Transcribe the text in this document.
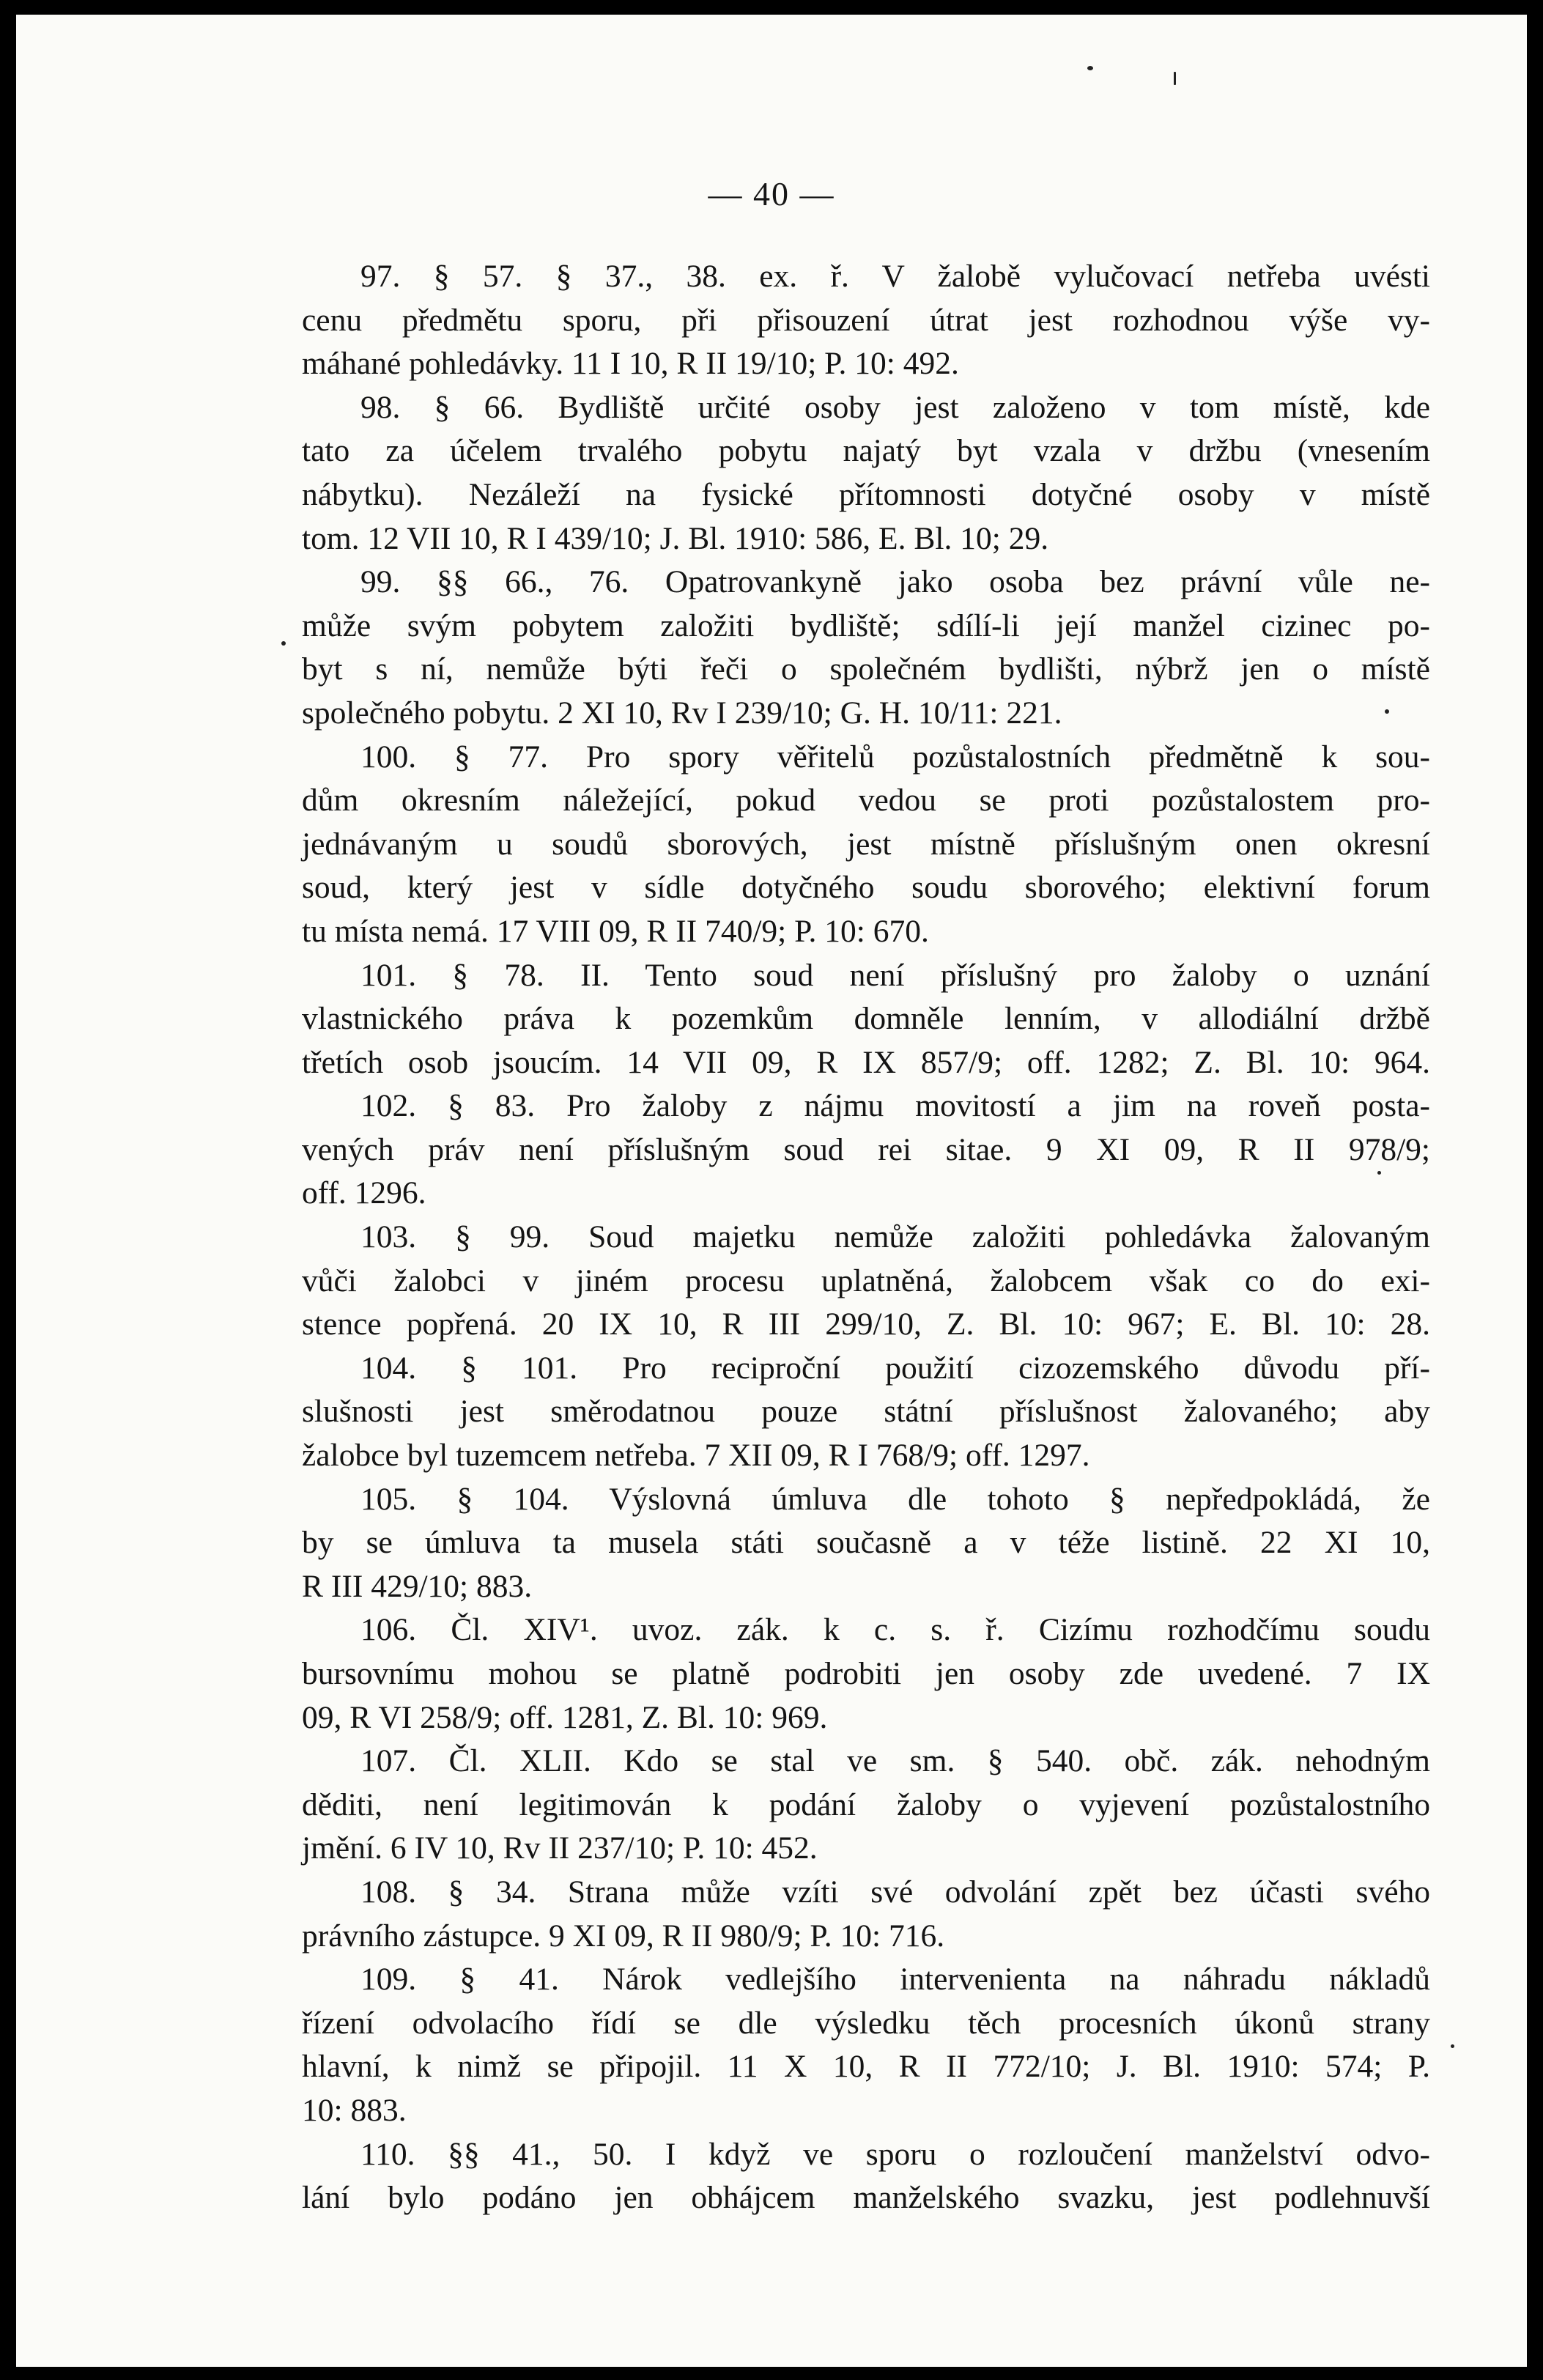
— 40 —
97. § 57. § 37., 38. ex. ř. V žalobě vylučovací netřeba uvésti
cenu předmětu sporu, při přisouzení útrat jest rozhodnou výše vy-
máhané pohledávky. 11 I 10, R II 19/10; P. 10: 492.
98. § 66. Bydliště určité osoby jest založeno v tom místě, kde
tato za účelem trvalého pobytu najatý byt vzala v držbu (vnesením
nábytku). Nezáleží na fysické přítomnosti dotyčné osoby v místě
tom. 12 VII 10, R I 439/10; J. Bl. 1910: 586, E. Bl. 10; 29.
99. §§ 66., 76. Opatrovankyně jako osoba bez právní vůle ne-
může svým pobytem založiti bydliště; sdílí-li její manžel cizinec po-
byt s ní, nemůže býti řeči o společném bydlišti, nýbrž jen o místě
společného pobytu. 2 XI 10, Rv I 239/10; G. H. 10/11: 221.
100. § 77. Pro spory věřitelů pozůstalostních předmětně k sou-
dům okresním náležející, pokud vedou se proti pozůstalostem pro-
jednávaným u soudů sborových, jest místně příslušným onen okresní
soud, který jest v sídle dotyčného soudu sborového; elektivní forum
tu místa nemá. 17 VIII 09, R II 740/9; P. 10: 670.
101. § 78. II. Tento soud není příslušný pro žaloby o uznání
vlastnického práva k pozemkům domněle lenním, v allodiální držbě
třetích osob jsoucím. 14 VII 09, R IX 857/9; off. 1282; Z. Bl. 10: 964.
102. § 83. Pro žaloby z nájmu movitostí a jim na roveň posta-
vených práv není příslušným soud rei sitae. 9 XI 09, R II 978/9;
off. 1296.
103. § 99. Soud majetku nemůže založiti pohledávka žalovaným
vůči žalobci v jiném procesu uplatněná, žalobcem však co do exi-
stence popřená. 20 IX 10, R III 299/10, Z. Bl. 10: 967; E. Bl. 10: 28.
104. § 101. Pro reciproční použití cizozemského důvodu pří-
slušnosti jest směrodatnou pouze státní příslušnost žalovaného; aby
žalobce byl tuzemcem netřeba. 7 XII 09, R I 768/9; off. 1297.
105. § 104. Výslovná úmluva dle tohoto § nepředpokládá, že
by se úmluva ta musela státi současně a v téže listině. 22 XI 10,
R III 429/10; 883.
106. Čl. XIV¹. uvoz. zák. k c. s. ř. Cizímu rozhodčímu soudu
bursovnímu mohou se platně podrobiti jen osoby zde uvedené. 7 IX
09, R VI 258/9; off. 1281, Z. Bl. 10: 969.
107. Čl. XLII. Kdo se stal ve sm. § 540. obč. zák. nehodným
děditi, není legitimován k podání žaloby o vyjevení pozůstalostního
jmění. 6 IV 10, Rv II 237/10; P. 10: 452.
108. § 34. Strana může vzíti své odvolání zpět bez účasti svého
právního zástupce. 9 XI 09, R II 980/9; P. 10: 716.
109. § 41. Nárok vedlejšího intervenienta na náhradu nákladů
řízení odvolacího řídí se dle výsledku těch procesních úkonů strany
hlavní, k nimž se připojil. 11 X 10, R II 772/10; J. Bl. 1910: 574; P.
10: 883.
110. §§ 41., 50. I když ve sporu o rozloučení manželství odvo-
lání bylo podáno jen obhájcem manželského svazku, jest podlehnuvší
